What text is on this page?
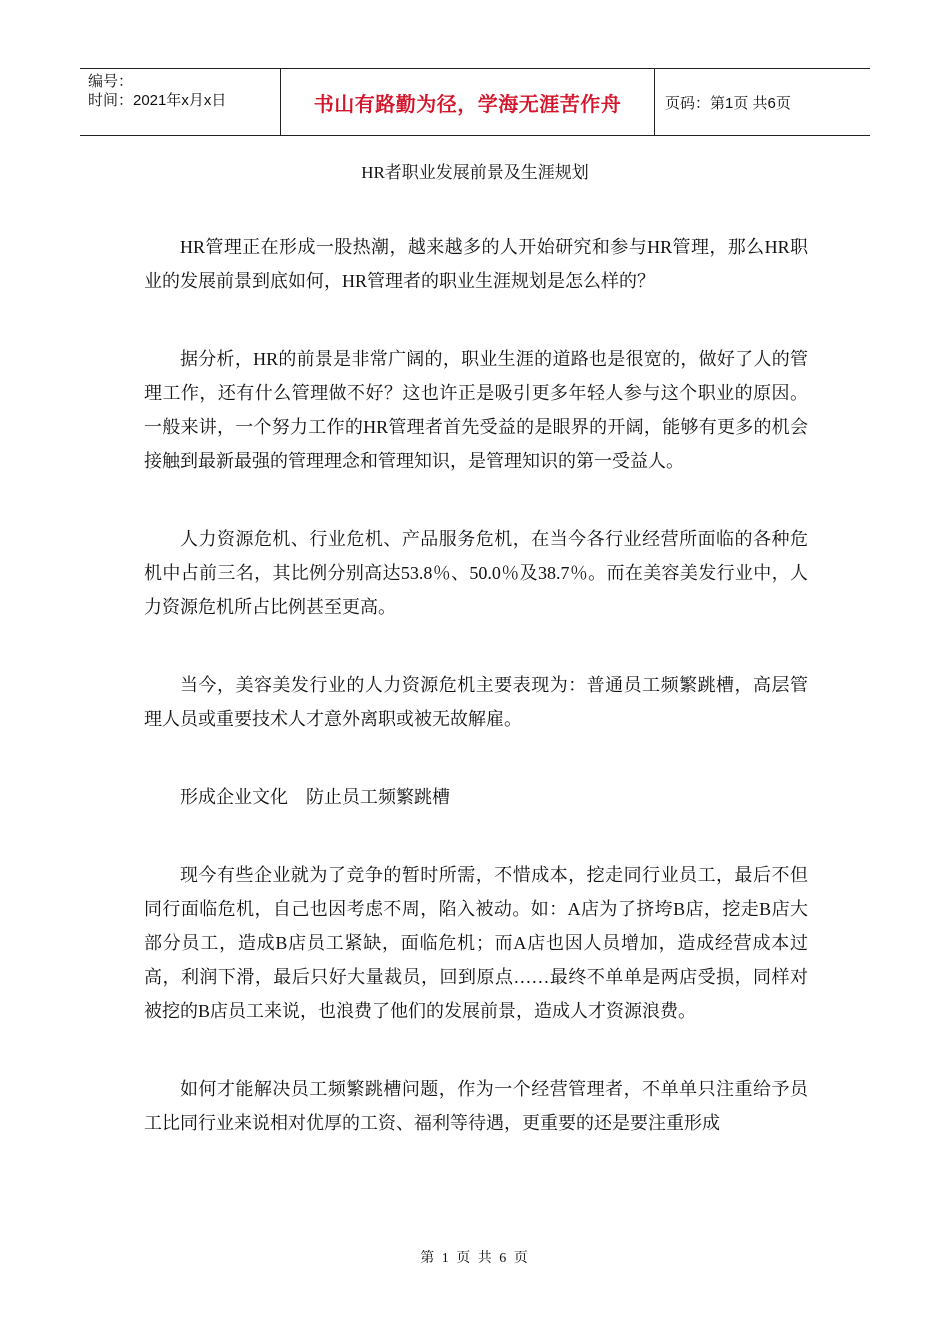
编号：
时间：2021年x月x日	书山有路勤为径，学海无涯苦作舟	页码：第1页 共6页
HR者职业发展前景及生涯规划

HR管理正在形成一股热潮，越来越多的人开始研究和参与HR管理，那么HR职业的发展前景到底如何，HR管理者的职业生涯规划是怎么样的？

据分析，HR的前景是非常广阔的，职业生涯的道路也是很宽的，做好了人的管理工作，还有什么管理做不好？这也许正是吸引更多年轻人参与这个职业的原因。一般来讲，一个努力工作的HR管理者首先受益的是眼界的开阔，能够有更多的机会接触到最新最强的管理理念和管理知识，是管理知识的第一受益人。

人力资源危机、行业危机、产品服务危机，在当今各行业经营所面临的各种危机中占前三名，其比例分别高达53.8％、50.0％及38.7％。而在美容美发行业中，人力资源危机所占比例甚至更高。

当今，美容美发行业的人力资源危机主要表现为：普通员工频繁跳槽，高层管理人员或重要技术人才意外离职或被无故解雇。

形成企业文化　防止员工频繁跳槽

现今有些企业就为了竞争的暂时所需，不惜成本，挖走同行业员工，最后不但同行面临危机，自己也因考虑不周，陷入被动。如：A店为了挤垮B店，挖走B店大部分员工，造成B店员工紧缺，面临危机；而A店也因人员增加，造成经营成本过高，利润下滑，最后只好大量裁员，回到原点……最终不单单是两店受损，同样对被挖的B店员工来说，也浪费了他们的发展前景，造成人才资源浪费。

如何才能解决员工频繁跳槽问题，作为一个经营管理者，不单单只注重给予员工比同行业来说相对优厚的工资、福利等待遇，更重要的还是要注重形成

第 1 页 共 6 页
